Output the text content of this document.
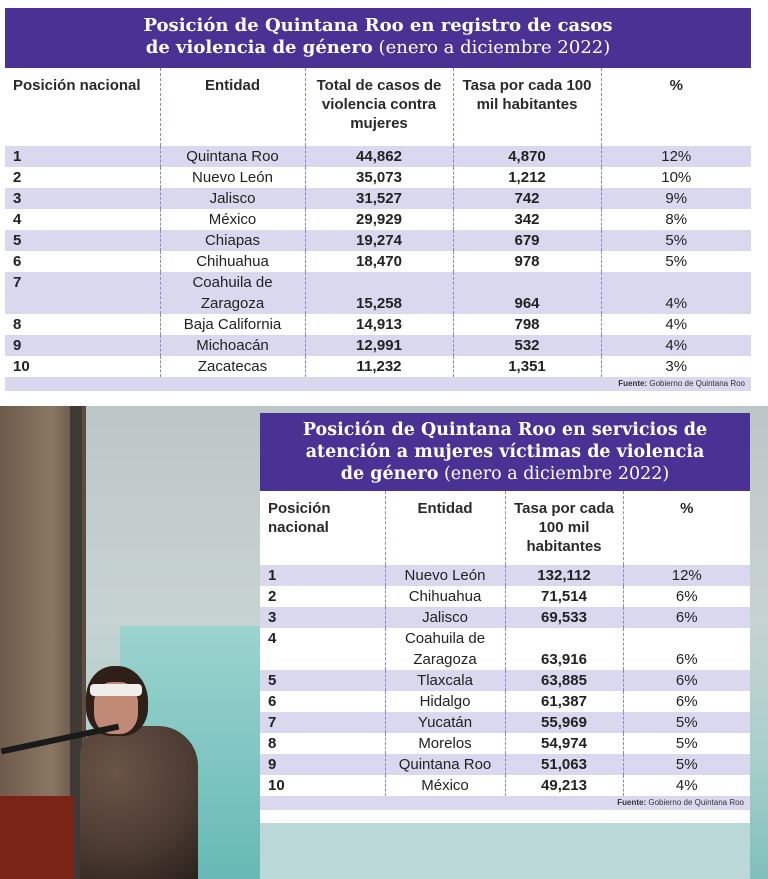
Posición de Quintana Roo en registro de casos
de violencia de género (enero a diciembre 2022)
Posición nacional	Entidad	Total de casos de violencia contra mujeres	Tasa por cada 100 mil habitantes	%
1	Quintana Roo	44,862	4,870	12%
2	Nuevo León	35,073	1,212	10%
3	Jalisco	31,527	742	9%
4	México	29,929	342	8%
5	Chiapas	19,274	679	5%
6	Chihuahua	18,470	978	5%
7	Coahuila de Zaragoza	15,258	964	4%
8	Baja California	14,913	798	4%
9	Michoacán	12,991	532	4%
10	Zacatecas	11,232	1,351	3%
Fuente: Gobierno de Quintana Roo
Posición de Quintana Roo en servicios de
atención a mujeres víctimas de violencia
de género (enero a diciembre 2022)
Posición nacional	Entidad	Tasa por cada 100 mil habitantes	%
1	Nuevo León	132,112	12%
2	Chihuahua	71,514	6%
3	Jalisco	69,533	6%
4	Coahuila de Zaragoza	63,916	6%
5	Tlaxcala	63,885	6%
6	Hidalgo	61,387	6%
7	Yucatán	55,969	5%
8	Morelos	54,974	5%
9	Quintana Roo	51,063	5%
10	México	49,213	4%
Fuente: Gobierno de Quintana Roo
